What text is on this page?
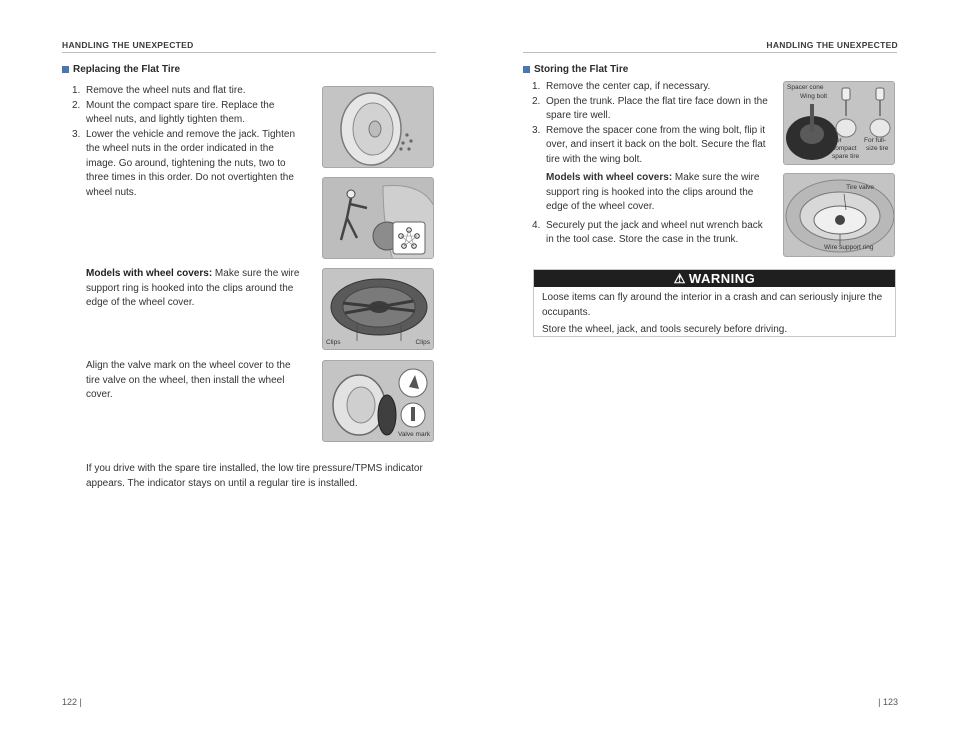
HANDLING THE UNEXPECTED	HANDLING THE UNEXPECTED
Replacing the Flat Tire
1. Remove the wheel nuts and flat tire.
2. Mount the compact spare tire. Replace the wheel nuts, and lightly tighten them.
3. Lower the vehicle and remove the jack. Tighten the wheel nuts in the order indicated in the image. Go around, tightening the nuts, two to three times in this order. Do not overtighten the wheel nuts.
Models with wheel covers: Make sure the wire support ring is hooked into the clips around the edge of the wheel cover.
Align the valve mark on the wheel cover to the tire valve on the wheel, then install the wheel cover.
If you drive with the spare tire installed, the low tire pressure/TPMS indicator appears. The indicator stays on until a regular tire is installed.
Clips	Clips
Valve mark
Storing the Flat Tire
1. Remove the center cap, if necessary.
2. Open the trunk. Place the flat tire face down in the spare tire well.
3. Remove the spacer cone from the wing bolt, flip it over, and insert it back on the bolt. Secure the flat tire with the wing bolt.
Models with wheel covers: Make sure the wire support ring is hooked into the clips around the edge of the wheel cover.
4. Securely put the jack and wheel nut wrench back in the tool case. Store the case in the trunk.
Spacer cone
Wing bolt
For
compact
spare tire
For full-
size tire
Tire valve
Wire support ring
⚠ WARNING

Loose items can fly around the interior in a crash and can seriously injure the occupants.

Store the wheel, jack, and tools securely before driving.

122 |	| 123
